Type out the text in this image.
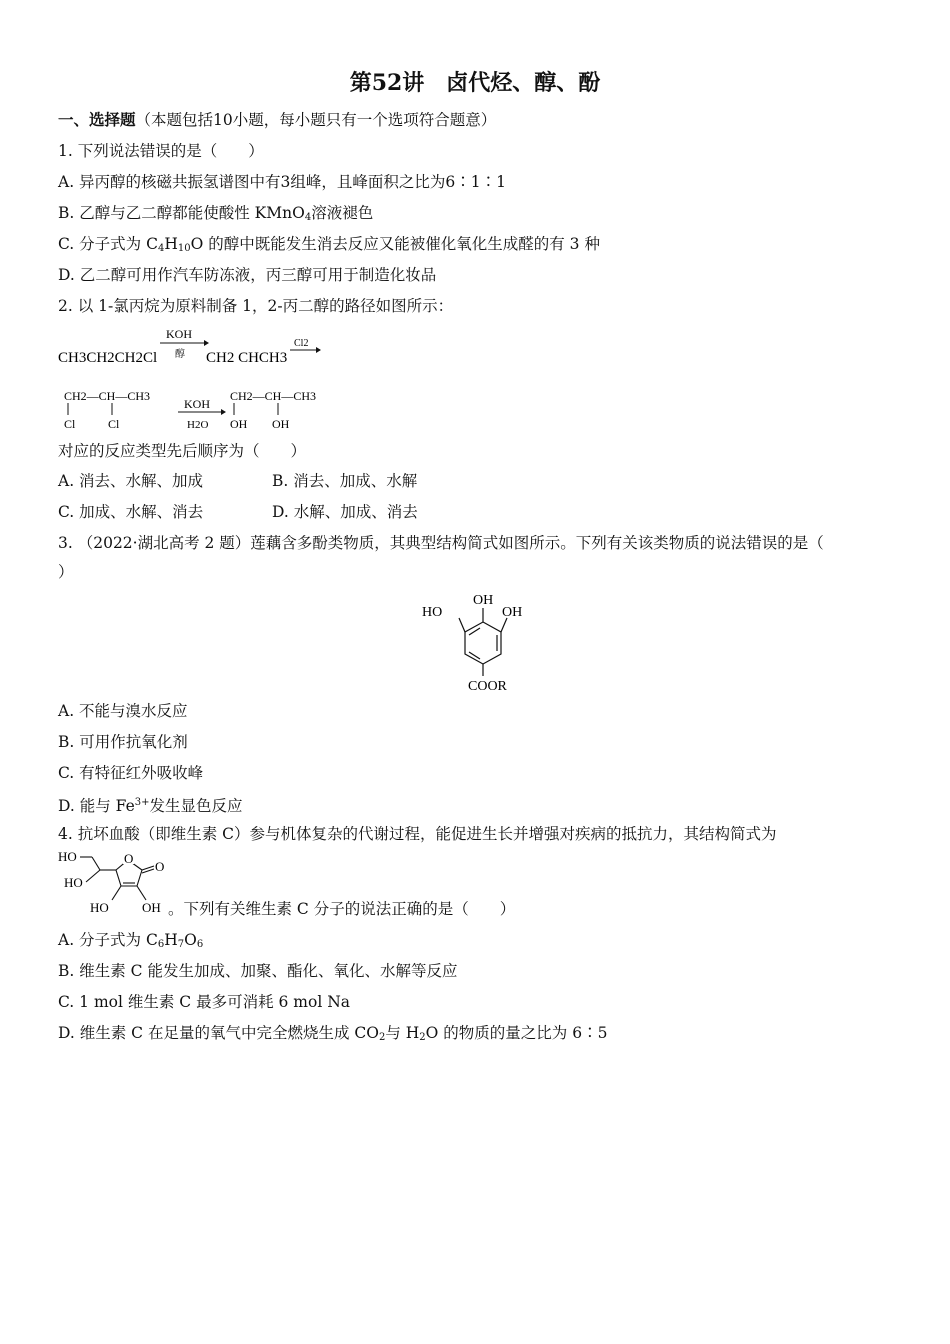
第52讲　卤代烃、醇、酚
一、选择题（本题包括10小题，每小题只有一个选项符合题意）
1. 下列说法错误的是（　　）
A. 异丙醇的核磁共振氢谱图中有3组峰，且峰面积之比为6∶1∶1
B. 乙醇与乙二醇都能使酸性 KMnO$_4$溶液褪色
C. 分子式为 $C_4H_{10}O$ 的醇中既能发生消去反应又能被催化氧化生成醛的有 3 种
D. 乙二醇可用作汽车防冻液，丙三醇可用于制造化妆品
2. 以 1-氯丙烷为原料制备 1，2-丙二醇的路径如图所示：
CH3CH2CH2Cl
KOH
醇 CH2 CHCH3
Cl2
CH2—CH—CH3
Cl	Cl
KOH
H2O
CH2—CH—CH3
OH OH
对应的反应类型先后顺序为（　　）
A. 消去、水解、加成	B. 消去、加成、水解
C. 加成、水解、消去	D. 水解、加成、消去
3. （2022·湖北高考 2 题）莲藕含多酚类物质，其典型结构简式如图所示。下列有关该类物质的说法错误的是（
）
OH
OH
HO
COOR
A. 不能与溴水反应
B. 可用作抗氧化剂
C. 有特征红外吸收峰
D. 能与 $Fe^{3+}$发生显色反应
4. 抗坏血酸（即维生素 C）参与机体复杂的代谢过程，能促进生长并增强对疾病的抵抗力，其结构简式为
HO
HO
O
O
HO	OH 。下列有关维生素 C 分子的说法正确的是（　　）
A. 分子式为 $C_6H_7O_6$
B. 维生素 C 能发生加成、加聚、酯化、氧化、水解等反应
C. 1 mol 维生素 C 最多可消耗 6 mol Na
D. 维生素 C 在足量的氧气中完全燃烧生成 $CO_2$与 $H_2O$ 的物质的量之比为 6∶5
